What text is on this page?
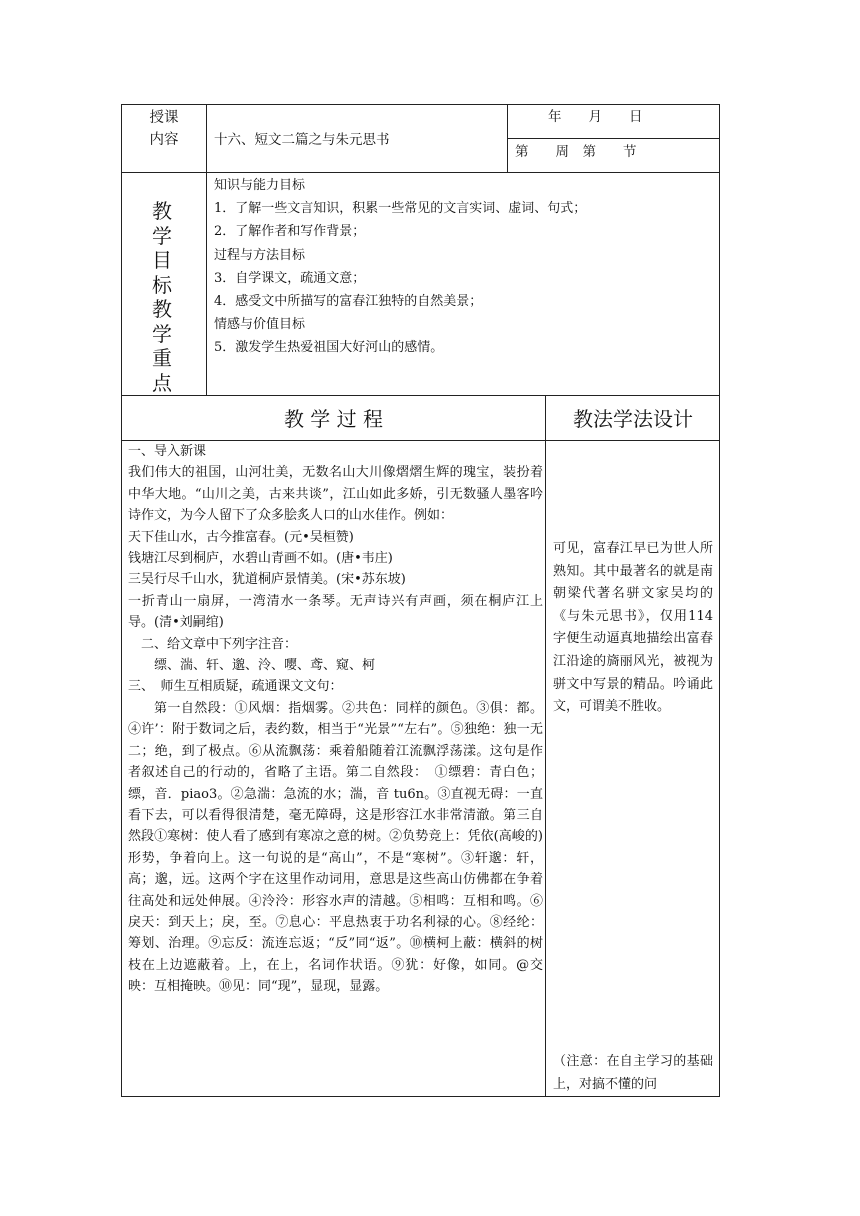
授课
内容	十六、短文二篇之与朱元思书
年　　月　　日
第　　周　第　　节
教学目标教学重点
知识与能力目标
1．了解一些文言知识，积累一些常见的文言实词、虚词、句式；
2．了解作者和写作背景；
过程与方法目标
3．自学课文，疏通文意；
4．感受文中所描写的富春江独特的自然美景；
情感与价值目标
5．激发学生热爱祖国大好河山的感情。
教 学 过 程	教法学法设计

一、导入新课

我们伟大的祖国，山河壮美，无数名山大川像熠熠生辉的瑰宝，装扮着中华大地。“山川之美，古来共谈”，江山如此多娇，引无数骚人墨客吟诗作文，为今人留下了众多脍炙人口的山水佳作。例如：

天下佳山水，古今推富春。(元•吴桓赞)

钱塘江尽到桐庐，水碧山青画不如。(唐•韦庄)

三吴行尽千山水，犹道桐庐景情美。(宋•苏东坡)

一折青山一扇屏，一湾清水一条琴。无声诗兴有声画，须在桐庐江上导。(清•刘嗣绾)

二、给文章中下列字注音：

缥、湍、轩、邈、泠、嘤、鸢、窥、柯

三、　师生互相质疑，疏通课文文句：

第一自然段：①风烟：指烟雾。②共色：同样的颜色。③俱：都。④许’：附于数词之后，表约数，相当于“光景”“左右”。⑤独绝：独一无二；绝，到了极点。⑥从流飘荡：乘着船随着江流飘浮荡漾。这句是作者叙述自己的行动的，省略了主语。第二自然段：　①缥碧：青白色；缥，音．piao3。②急湍：急流的水；湍，音 tu6n。③直视无碍：一直看下去，可以看得很清楚，毫无障碍，这是形容江水非常清澈。第三自然段①寒树：使人看了感到有寒凉之意的树。②负势竞上：凭依(高峻的)形势，争着向上。这一句说的是“高山”，不是“寒树”。③轩邈：轩，高；邈，远。这两个字在这里作动词用，意思是这些高山仿佛都在争着往高处和远处伸展。④泠泠：形容水声的清越。⑤相鸣：互相和鸣。⑥戾天：到天上；戾，至。⑦息心：平息热衷于功名利禄的心。⑧经纶：筹划、治理。⑨忘反：流连忘返；“反”同“返”。⑩横柯上蔽：横斜的树枝在上边遮蔽着。上，在上，名词作状语。⑨犹：好像，如同。@交映：互相掩映。⑩见：同“现”，显现，显露。

可见，富春江早已为世人所熟知。其中最著名的就是南朝梁代著名骈文家吴均的《与朱元思书》，仅用114字便生动逼真地描绘出富春江沿途的旖丽风光，被视为骈文中写景的精品。吟诵此文，可谓美不胜收。

（注意：在自主学习的基础上，对搞不懂的问
